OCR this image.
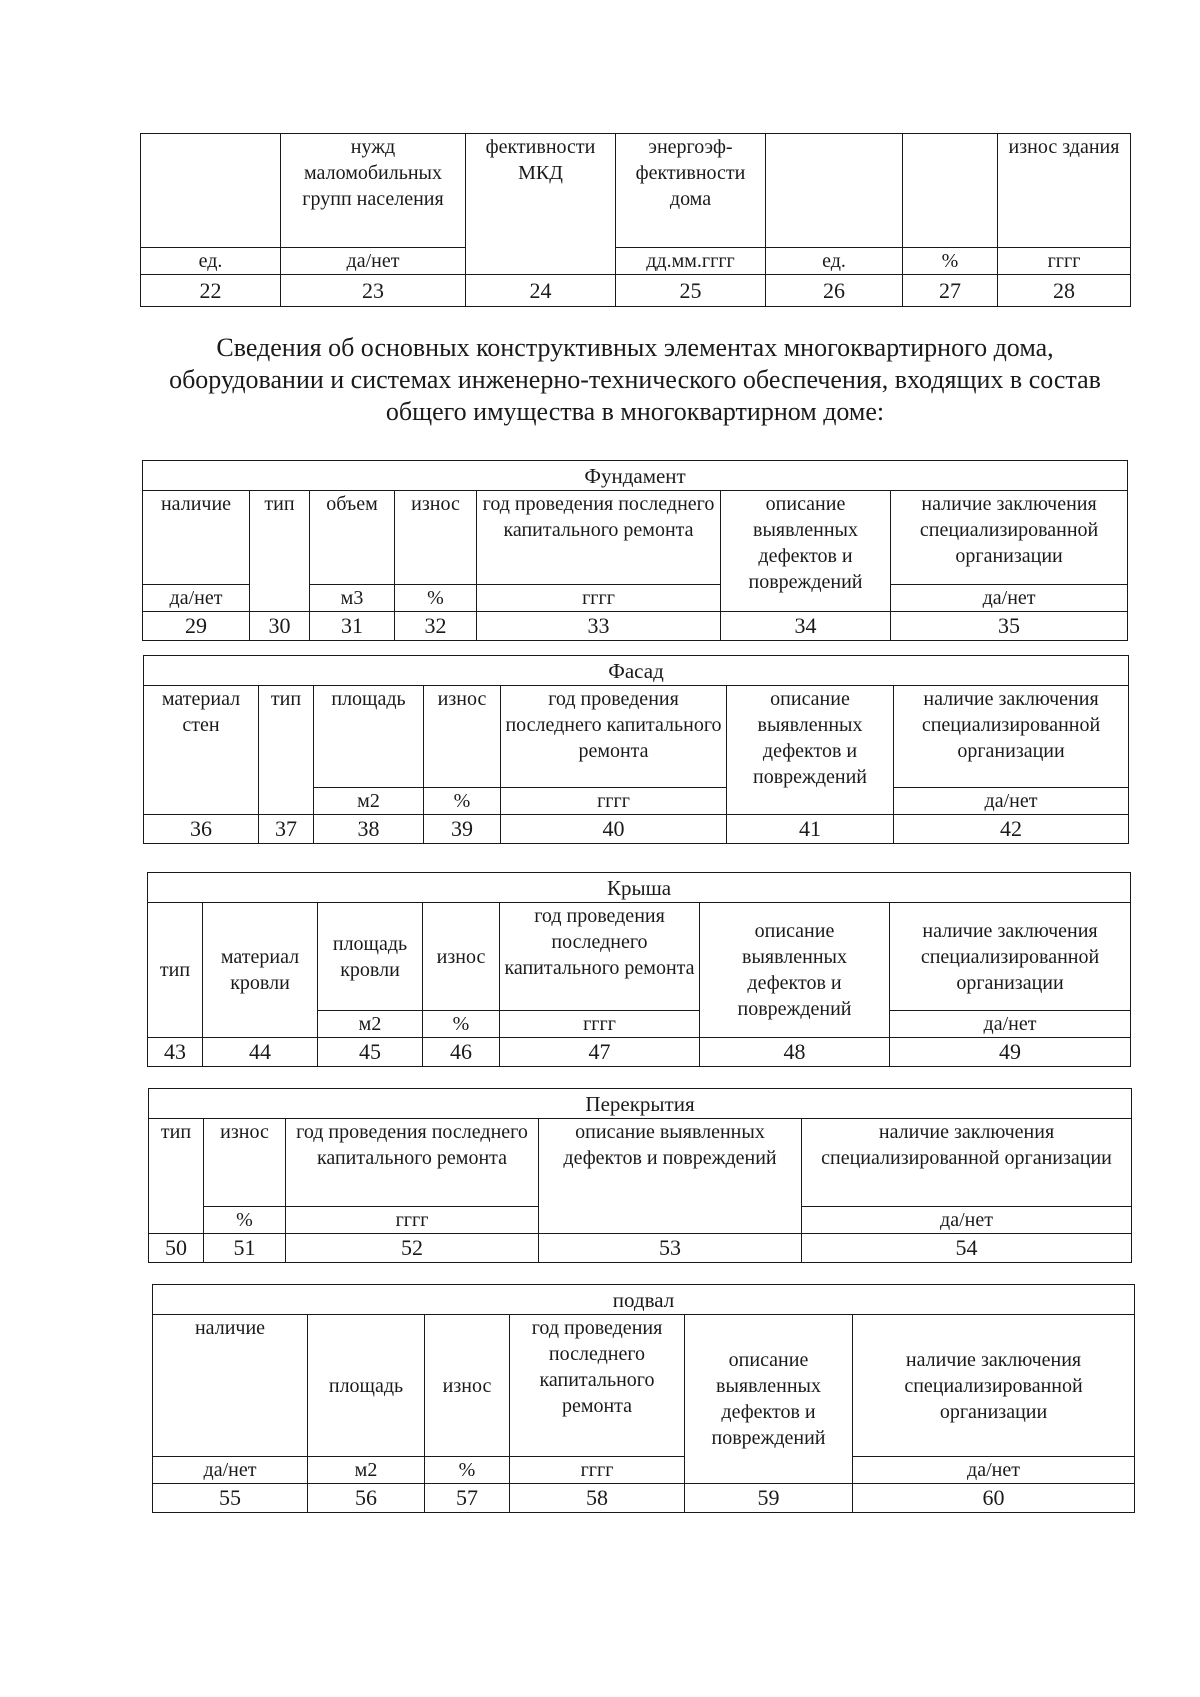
	нужд маломобильных групп населения	фективности МКД	энергоэф-фективности дома			износ здания
ед.	да/нет		дд.мм.гггг	ед.	%	гггг
22	23	24	25	26	27	28
Сведения об основных конструктивных элементах многоквартирного дома, оборудовании и системах инженерно-технического обеспечения, входящих в состав общего имущества в многоквартирном доме:
Фундамент						
наличие	тип	объем	износ	год проведения последнего капитального ремонта	описание выявленных дефектов и повреждений	наличие заключения специализированной организации
да/нет		м3	%	гггг		да/нет
29	30	31	32	33	34	35
Фасад						
материал стен	тип	площадь	износ	год проведения последнего капитального ремонта	описание выявленных дефектов и повреждений	наличие заключения специализированной организации
		м2	%	гггг		да/нет
36	37	38	39	40	41	42
Крыша						
тип	материал кровли	площадь кровли	износ	год проведения последнего капитального ремонта	описание выявленных дефектов и повреждений	наличие заключения специализированной организации
		м2	%	гггг		да/нет
43	44	45	46	47	48	49
Перекрытия				
тип	износ	год проведения последнего капитального ремонта	описание выявленных дефектов и повреждений	наличие заключения специализированной организации
	%	гггг		да/нет
50	51	52	53	54
подвал					
наличие	площадь	износ	год проведения последнего капитального ремонта	описание выявленных дефектов и повреждений	наличие заключения специализированной организации
да/нет	м2	%	гггг		да/нет
55	56	57	58	59	60
